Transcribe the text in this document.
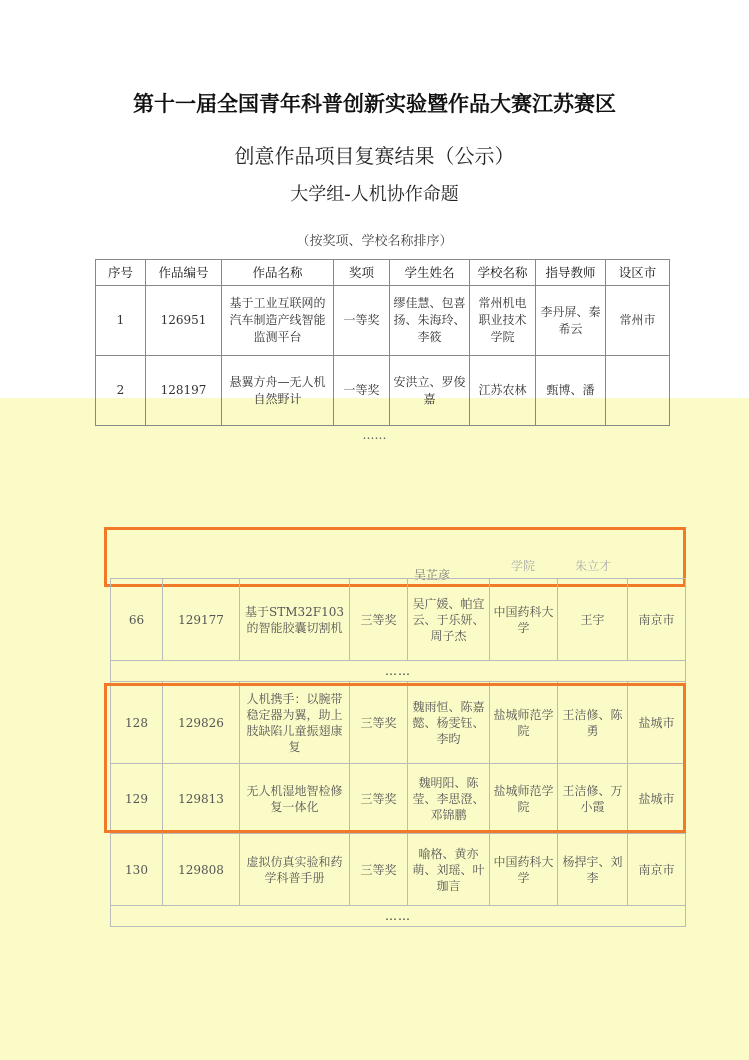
第十一届全国青年科普创新实验暨作品大赛江苏赛区
创意作品项目复赛结果（公示）
大学组-人机协作命题
（按奖项、学校名称排序）
序号	作品编号	作品名称	奖项	学生姓名	学校名称	指导教师	设区市
1	126951	基于工业互联网的汽车制造产线智能监测平台	一等奖	缪佳慧、包喜扬、朱海玲、李筱	常州机电职业技术学院	李丹屏、秦希云	常州市
2	128197	悬翼方舟—无人机自然野计	一等奖	安洪立、罗俊嘉	江苏农林	甄博、潘	
……
吴芷彦
学院	朱立才
66	129177	基于STM32F103的智能胶囊切割机	三等奖	吴广媛、帕宜云、于乐妍、周子杰	中国药科大学	王宇	南京市
……							
128	129826	人机携手：以腕带稳定器为翼，助上肢缺陷儿童振翅康复	三等奖	魏雨恒、陈嘉懿、杨雯钰、李昀	盐城师范学院	王洁修、陈勇	盐城市
129	129813	无人机湿地智检修复一体化	三等奖	魏明阳、陈莹、李思澄、邓锦鹏	盐城师范学院	王洁修、万小霞	盐城市
130	129808	虚拟仿真实验和药学科普手册	三等奖	喻格、黄亦萌、刘瑶、叶珈言	中国药科大学	杨捍宇、刘李	南京市
……							
